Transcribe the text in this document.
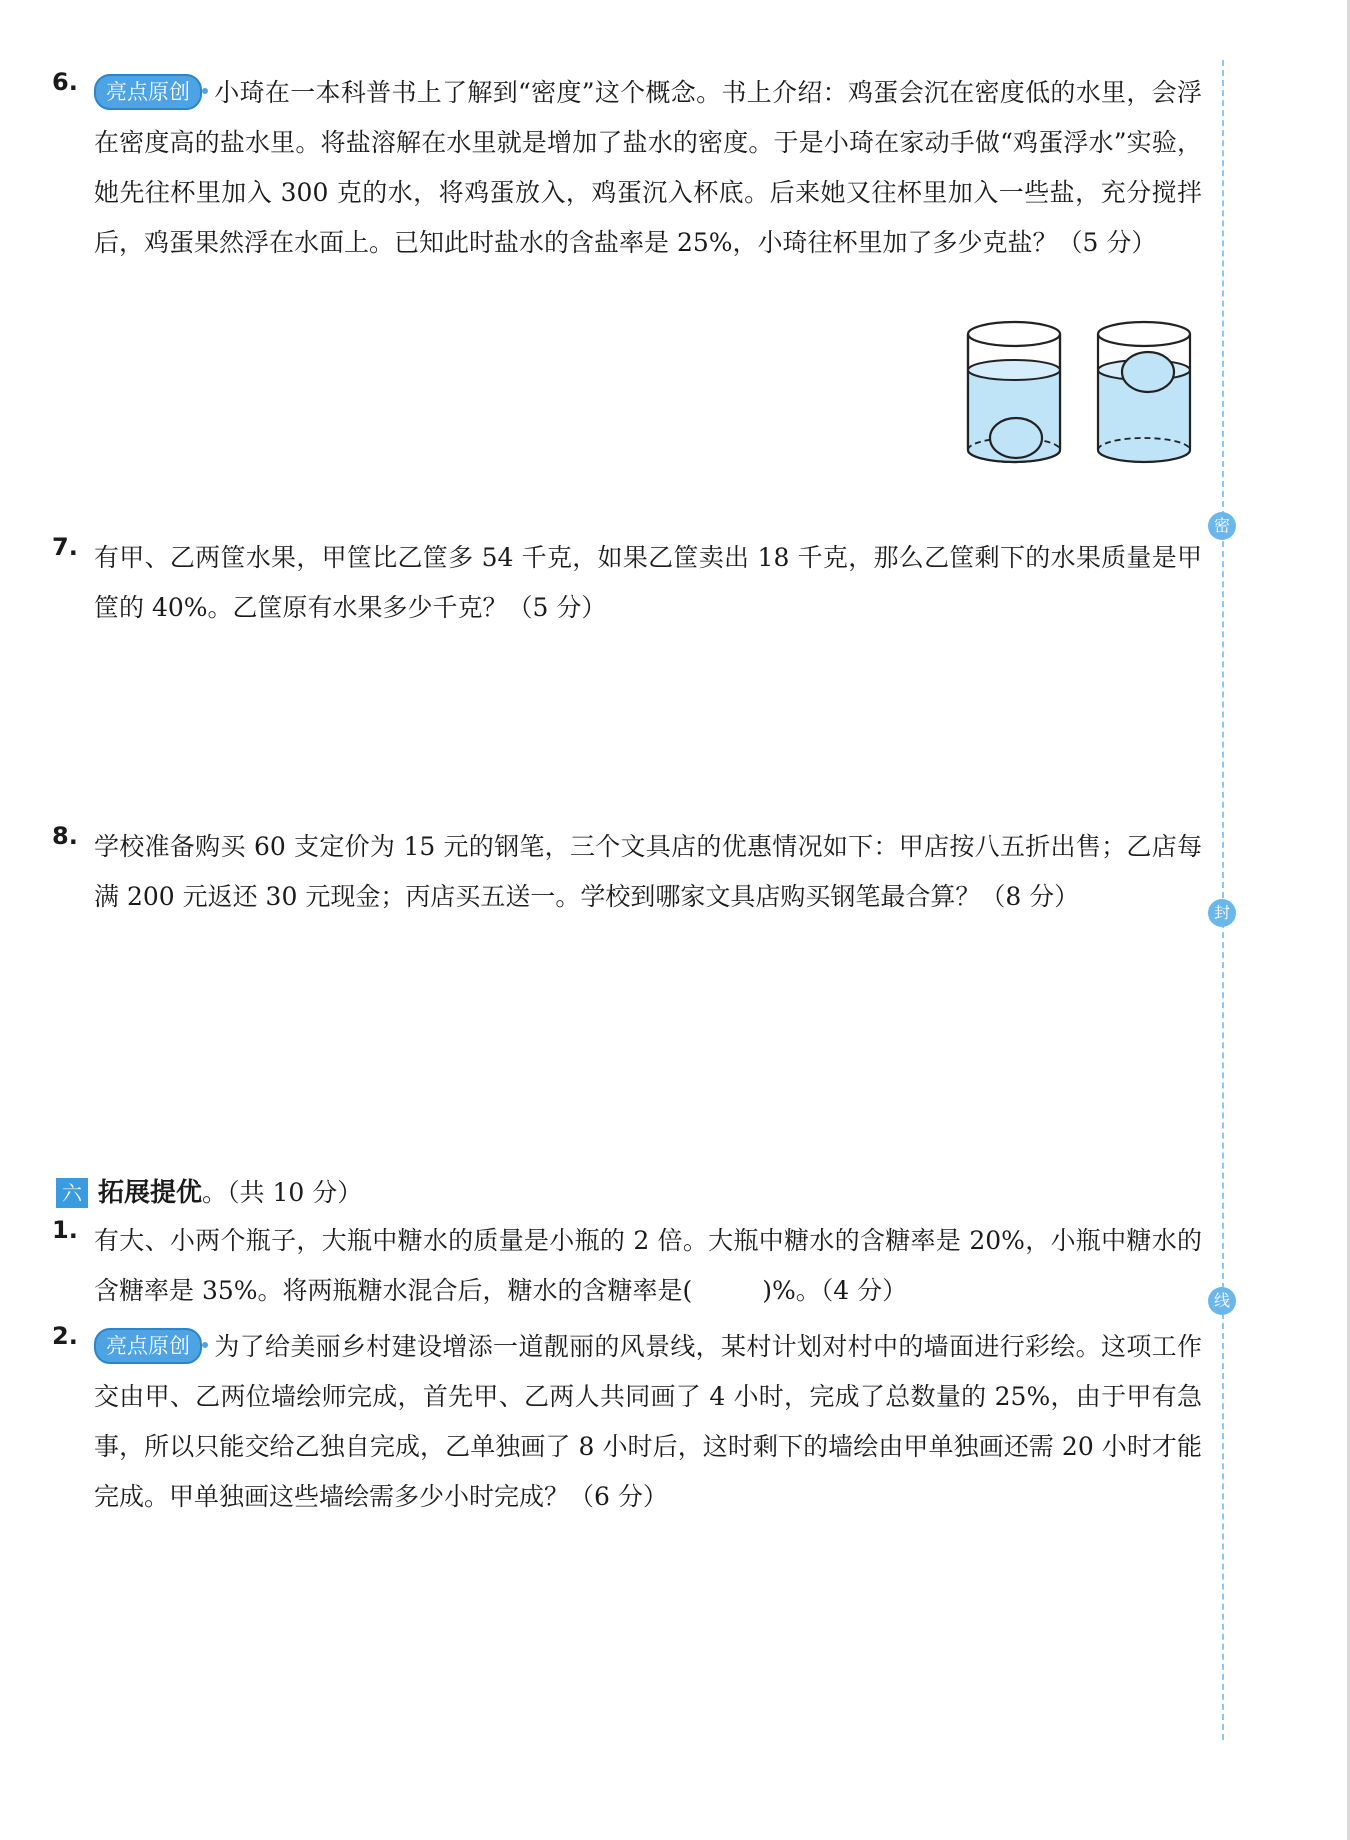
6.	亮点原创 小琦在一本科普书上了解到“密度”这个概念。书上介绍：鸡蛋会沉在密度低的水里，会浮在密度高的盐水里。将盐溶解在水里就是增加了盐水的密度。于是小琦在家动手做“鸡蛋浮水”实验，她先往杯里加入 300 克的水，将鸡蛋放入，鸡蛋沉入杯底。后来她又往杯里加入一些盐，充分搅拌后，鸡蛋果然浮在水面上。已知此时盐水的含盐率是 25%，小琦往杯里加了多少克盐？（5 分）
7. 有甲、乙两筐水果，甲筐比乙筐多 54 千克，如果乙筐卖出 18 千克，那么乙筐剩下的水果质量是甲筐的 40%。乙筐原有水果多少千克？（5 分）
8. 学校准备购买 60 支定价为 15 元的钢笔，三个文具店的优惠情况如下：甲店按八五折出售；乙店每满 200 元返还 30 元现金；丙店买五送一。学校到哪家文具店购买钢笔最合算？（8 分）
六 拓展提优。（共 10 分）
1. 有大、小两个瓶子，大瓶中糖水的质量是小瓶的 2 倍。大瓶中糖水的含糖率是 20%，小瓶中糖水的含糖率是 35%。将两瓶糖水混合后，糖水的含糖率是(	)%。（4 分）
2.	亮点原创 为了给美丽乡村建设增添一道靓丽的风景线，某村计划对村中的墙面进行彩绘。这项工作交由甲、乙两位墙绘师完成，首先甲、乙两人共同画了 4 小时，完成了总数量的 25%，由于甲有急事，所以只能交给乙独自完成，乙单独画了 8 小时后，这时剩下的墙绘由甲单独画还需 20 小时才能完成。甲单独画这些墙绘需多少小时完成？（6 分）
密
封
线
